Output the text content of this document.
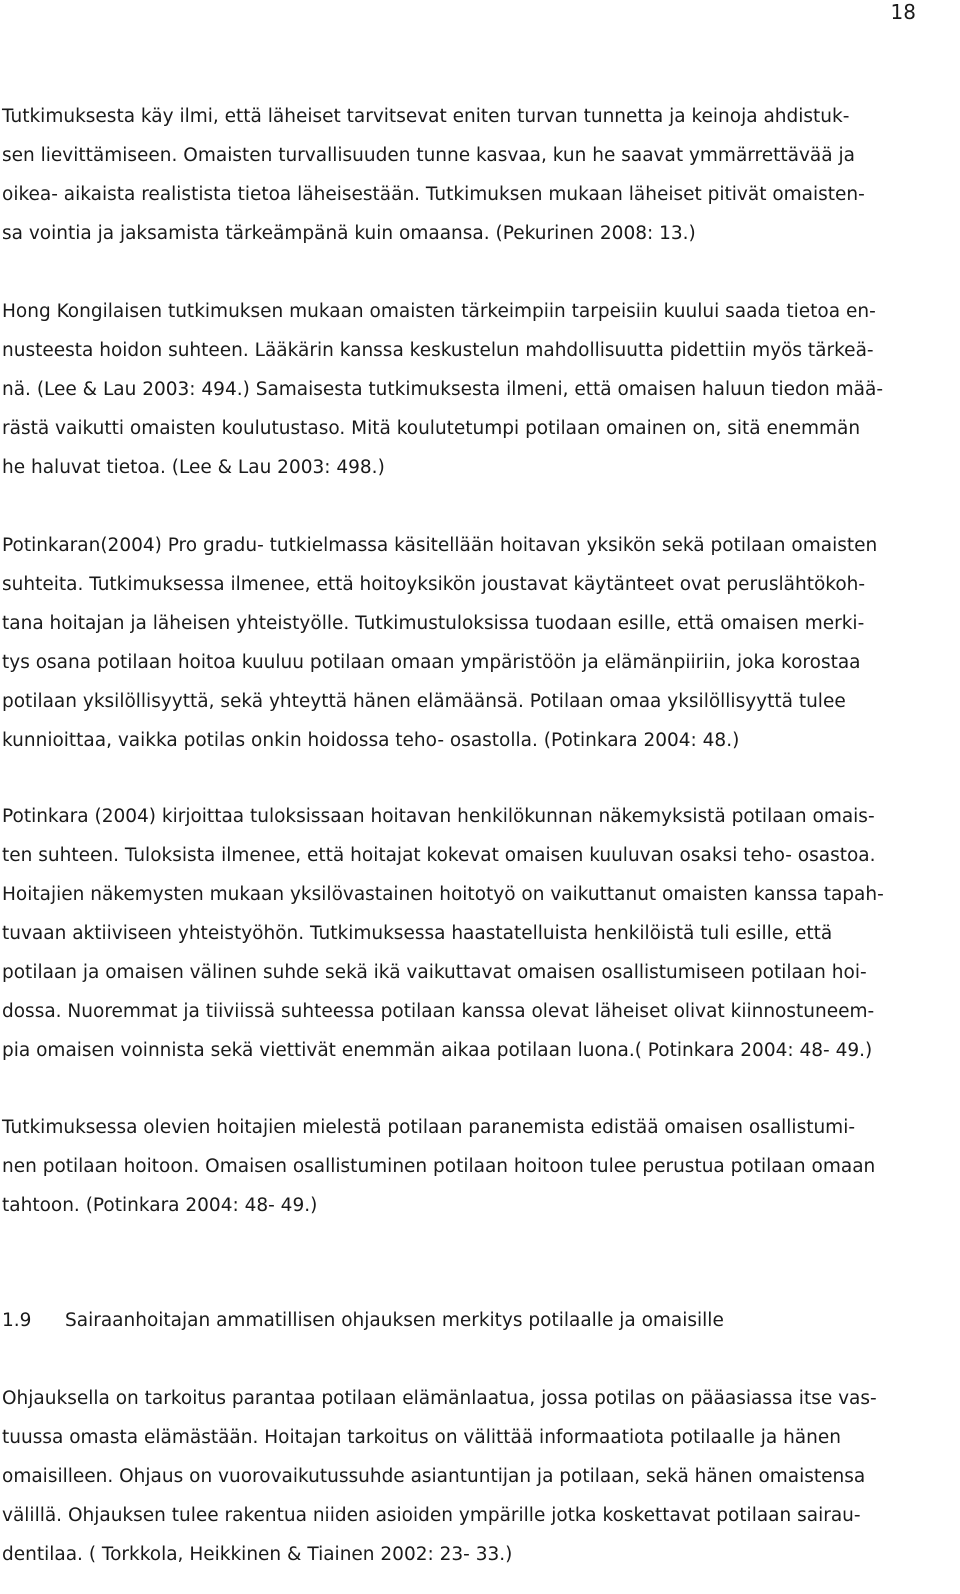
18
Tutkimuksesta käy ilmi, että läheiset tarvitsevat eniten turvan tunnetta ja keinoja ahdistuk-
sen lievittämiseen. Omaisten turvallisuuden tunne kasvaa, kun he saavat ymmärrettävää ja
oikea- aikaista realistista tietoa läheisestään. Tutkimuksen mukaan läheiset pitivät omaisten-
sa vointia ja jaksamista tärkeämpänä kuin omaansa. (Pekurinen 2008: 13.)
Hong Kongilaisen tutkimuksen mukaan omaisten tärkeimpiin tarpeisiin kuului saada tietoa en-
nusteesta hoidon suhteen. Lääkärin kanssa keskustelun mahdollisuutta pidettiin myös tärkeä-
nä. (Lee & Lau 2003: 494.) Samaisesta tutkimuksesta ilmeni, että omaisen haluun tiedon mää-
rästä vaikutti omaisten koulutustaso. Mitä koulutetumpi potilaan omainen on, sitä enemmän
he haluvat tietoa. (Lee & Lau 2003: 498.)
Potinkaran(2004) Pro gradu- tutkielmassa käsitellään hoitavan yksikön sekä potilaan omaisten
suhteita. Tutkimuksessa ilmenee, että hoitoyksikön joustavat käytänteet ovat peruslähtökoh-
tana hoitajan ja läheisen yhteistyölle. Tutkimustuloksissa tuodaan esille, että omaisen merki-
tys osana potilaan hoitoa kuuluu potilaan omaan ympäristöön ja elämänpiiriin, joka korostaa
potilaan yksilöllisyyttä, sekä yhteyttä hänen elämäänsä. Potilaan omaa yksilöllisyyttä tulee
kunnioittaa, vaikka potilas onkin hoidossa teho- osastolla. (Potinkara 2004: 48.)
Potinkara (2004) kirjoittaa tuloksissaan hoitavan henkilökunnan näkemyksistä potilaan omais-
ten suhteen. Tuloksista ilmenee, että hoitajat kokevat omaisen kuuluvan osaksi teho- osastoa.
Hoitajien näkemysten mukaan yksilövastainen hoitotyö on vaikuttanut omaisten kanssa tapah-
tuvaan aktiiviseen yhteistyöhön. Tutkimuksessa haastatelluista henkilöistä tuli esille, että
potilaan ja omaisen välinen suhde sekä ikä vaikuttavat omaisen osallistumiseen potilaan hoi-
dossa. Nuoremmat ja tiiviissä suhteessa potilaan kanssa olevat läheiset olivat kiinnostuneem-
pia omaisen voinnista sekä viettivät enemmän aikaa potilaan luona.( Potinkara 2004: 48- 49.)
Tutkimuksessa olevien hoitajien mielestä potilaan paranemista edistää omaisen osallistumi-
nen potilaan hoitoon. Omaisen osallistuminen potilaan hoitoon tulee perustua potilaan omaan
tahtoon. (Potinkara 2004: 48- 49.)
1.9 Sairaanhoitajan ammatillisen ohjauksen merkitys potilaalle ja omaisille
Ohjauksella on tarkoitus parantaa potilaan elämänlaatua, jossa potilas on pääasiassa itse vas-
tuussa omasta elämästään. Hoitajan tarkoitus on välittää informaatiota potilaalle ja hänen
omaisilleen. Ohjaus on vuorovaikutussuhde asiantuntijan ja potilaan, sekä hänen omaistensa
välillä. Ohjauksen tulee rakentua niiden asioiden ympärille jotka koskettavat potilaan sairau-
dentilaa. ( Torkkola, Heikkinen & Tiainen 2002: 23- 33.)
